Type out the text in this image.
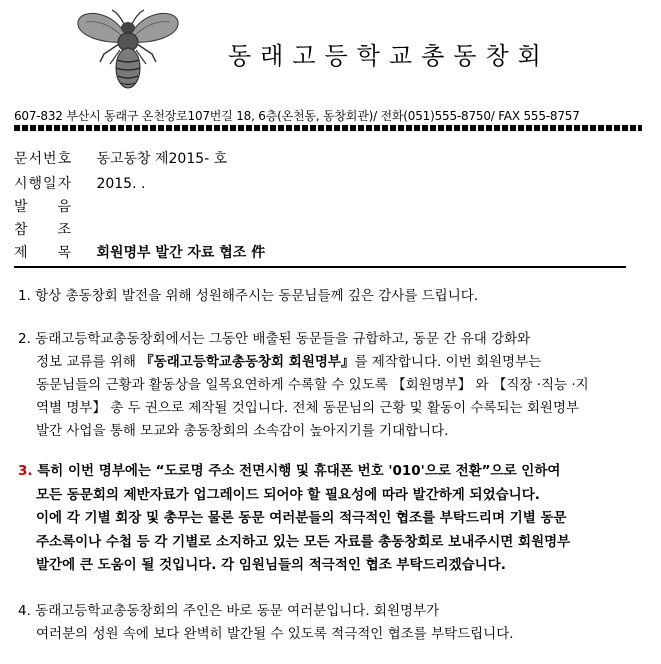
동래고등학교총동창회
607-832 부산시 동래구 온천장로107번길 18, 6층(온천동, 동창회관)/ 전화(051)555-8750/ FAX 555-8757
문서번호 동고동창 제2015- 호
시행일자 2015. .
발음
참조
제목 회원명부 발간 자료 협조 件
1. 항상 총동창회 발전을 위해 성원해주시는 동문님들께 깊은 감사를 드립니다.
2. 동래고등학교총동창회에서는 그동안 배출된 동문들을 규합하고, 동문 간 유대 강화와
정보 교류를 위해 『동래고등학교총동창회 회원명부』를 제작합니다. 이번 회원명부는
동문님들의 근황과 활동상을 일목요연하게 수록할 수 있도록 【회원명부】 와 【직장 ·직능 ·지
역별 명부】 총 두 권으로 제작될 것입니다. 전체 동문님의 근황 및 활동이 수록되는 회원명부
발간 사업을 통해 모교와 총동창회의 소속감이 높아지기를 기대합니다.
3. 특히 이번 명부에는 “도로명 주소 전면시행 및 휴대폰 번호 '010'으로 전환”으로 인하여
모든 동문회의 제반자료가 업그레이드 되어야 할 필요성에 따라 발간하게 되었습니다.
이에 각 기별 회장 및 총무는 물론 동문 여러분들의 적극적인 협조를 부탁드리며 기별 동문
주소록이나 수첩 등 각 기별로 소지하고 있는 모든 자료를 총동창회로 보내주시면 회원명부
발간에 큰 도움이 될 것입니다. 각 임원님들의 적극적인 협조 부탁드리겠습니다.
4. 동래고등학교총동창회의 주인은 바로 동문 여러분입니다. 회원명부가
여러분의 성원 속에 보다 완벽히 발간될 수 있도록 적극적인 협조를 부탁드립니다.
